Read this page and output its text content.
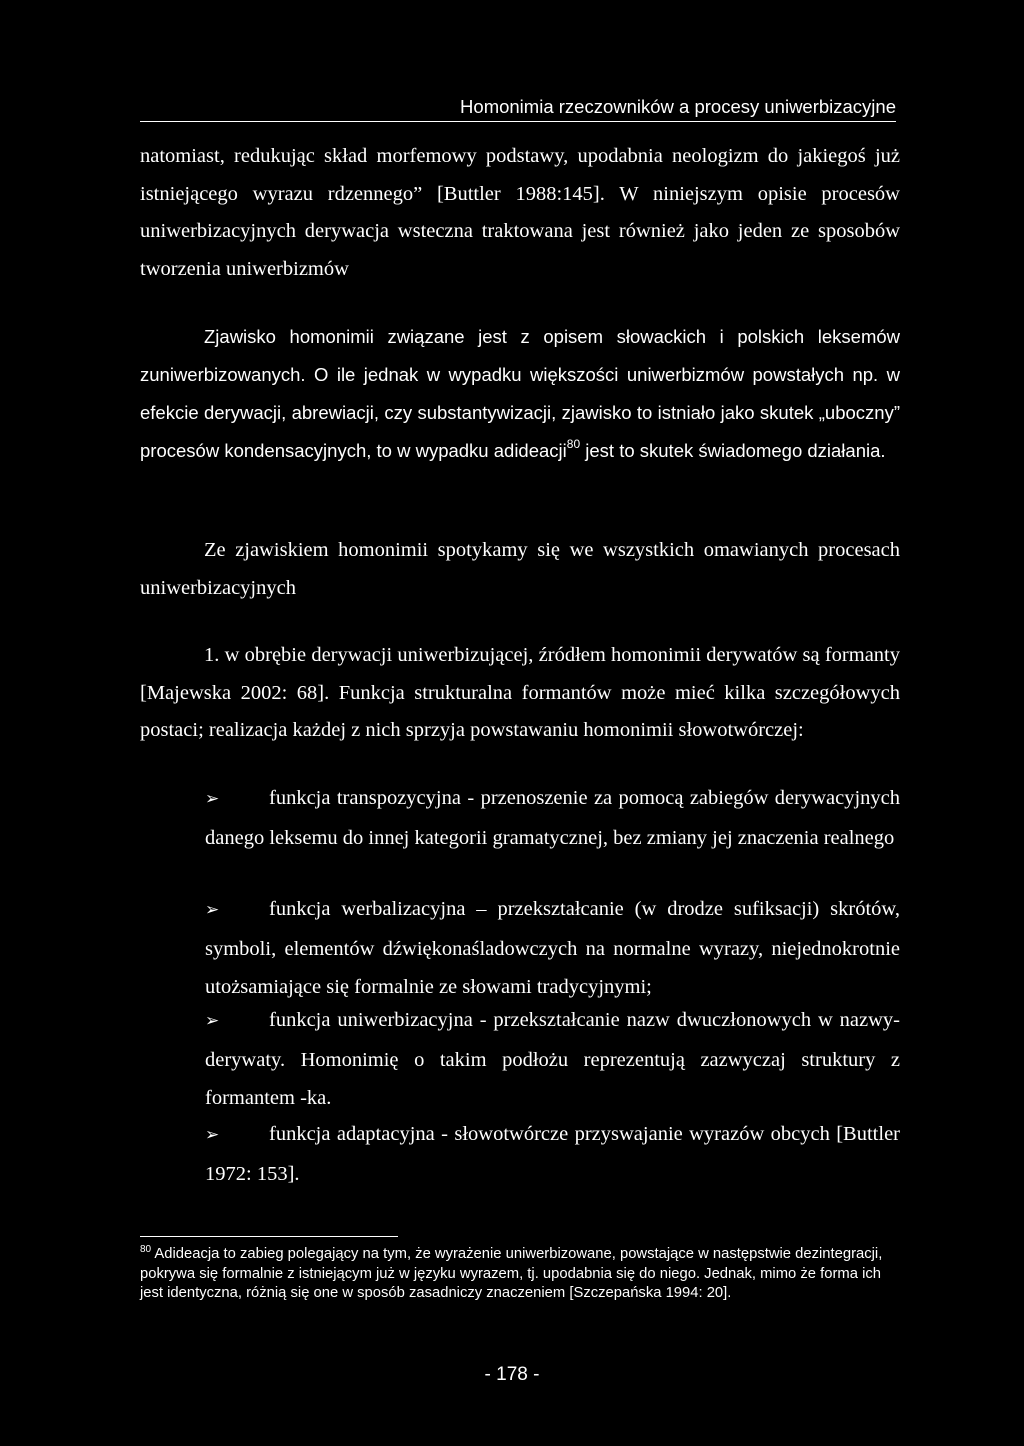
Homonimia rzeczowników a procesy uniwerbizacyjne
natomiast, redukując skład morfemowy podstawy, upodabnia neologizm do jakiegoś już istniejącego wyrazu rdzennego” [Buttler 1988:145]. W niniejszym opisie procesów uniwerbizacyjnych derywacja wsteczna traktowana jest również jako jeden ze sposobów tworzenia uniwerbizmów
Zjawisko homonimii związane jest z opisem słowackich i polskich leksemów zuniwerbizowanych. O ile jednak w wypadku większości uniwerbizmów powstałych np. w efekcie derywacji, abrewiacji, czy substantywizacji, zjawisko to istniało jako skutek „uboczny” procesów kondensacyjnych, to w wypadku adideacji$^{80}$ jest to skutek świadomego działania.
Ze zjawiskiem homonimii spotykamy się we wszystkich omawianych procesach uniwerbizacyjnych
1. w obrębie derywacji uniwerbizującej, źródłem homonimii derywatów są formanty [Majewska 2002: 68]. Funkcja strukturalna formantów może mieć kilka szczegółowych postaci; realizacja każdej z nich sprzyja powstawaniu homonimii słowotwórczej:
➢ funkcja transpozycyjna - przenoszenie za pomocą zabiegów derywacyjnych danego leksemu do innej kategorii gramatycznej, bez zmiany jej znaczenia realnego
➢ funkcja werbalizacyjna – przekształcanie (w drodze sufiksacji) skrótów, symboli, elementów dźwiękonaśladowczych na normalne wyrazy, niejednokrotnie utożsamiające się formalnie ze słowami tradycyjnymi;
➢ funkcja uniwerbizacyjna - przekształcanie nazw dwuczłonowych w nazwy- derywaty. Homonimię o takim podłożu reprezentują zazwyczaj struktury z formantem -ka.
➢ funkcja adaptacyjna - słowotwórcze przyswajanie wyrazów obcych [Buttler 1972: 153].
$^{80}$ Adideacja to zabieg polegający na tym, że wyrażenie uniwerbizowane, powstające w następstwie dezintegracji, pokrywa się formalnie z istniejącym już w języku wyrazem, tj. upodabnia się do niego. Jednak, mimo że forma ich jest identyczna, różnią się one w sposób zasadniczy znaczeniem [Szczepańska 1994: 20].
- 178 -
